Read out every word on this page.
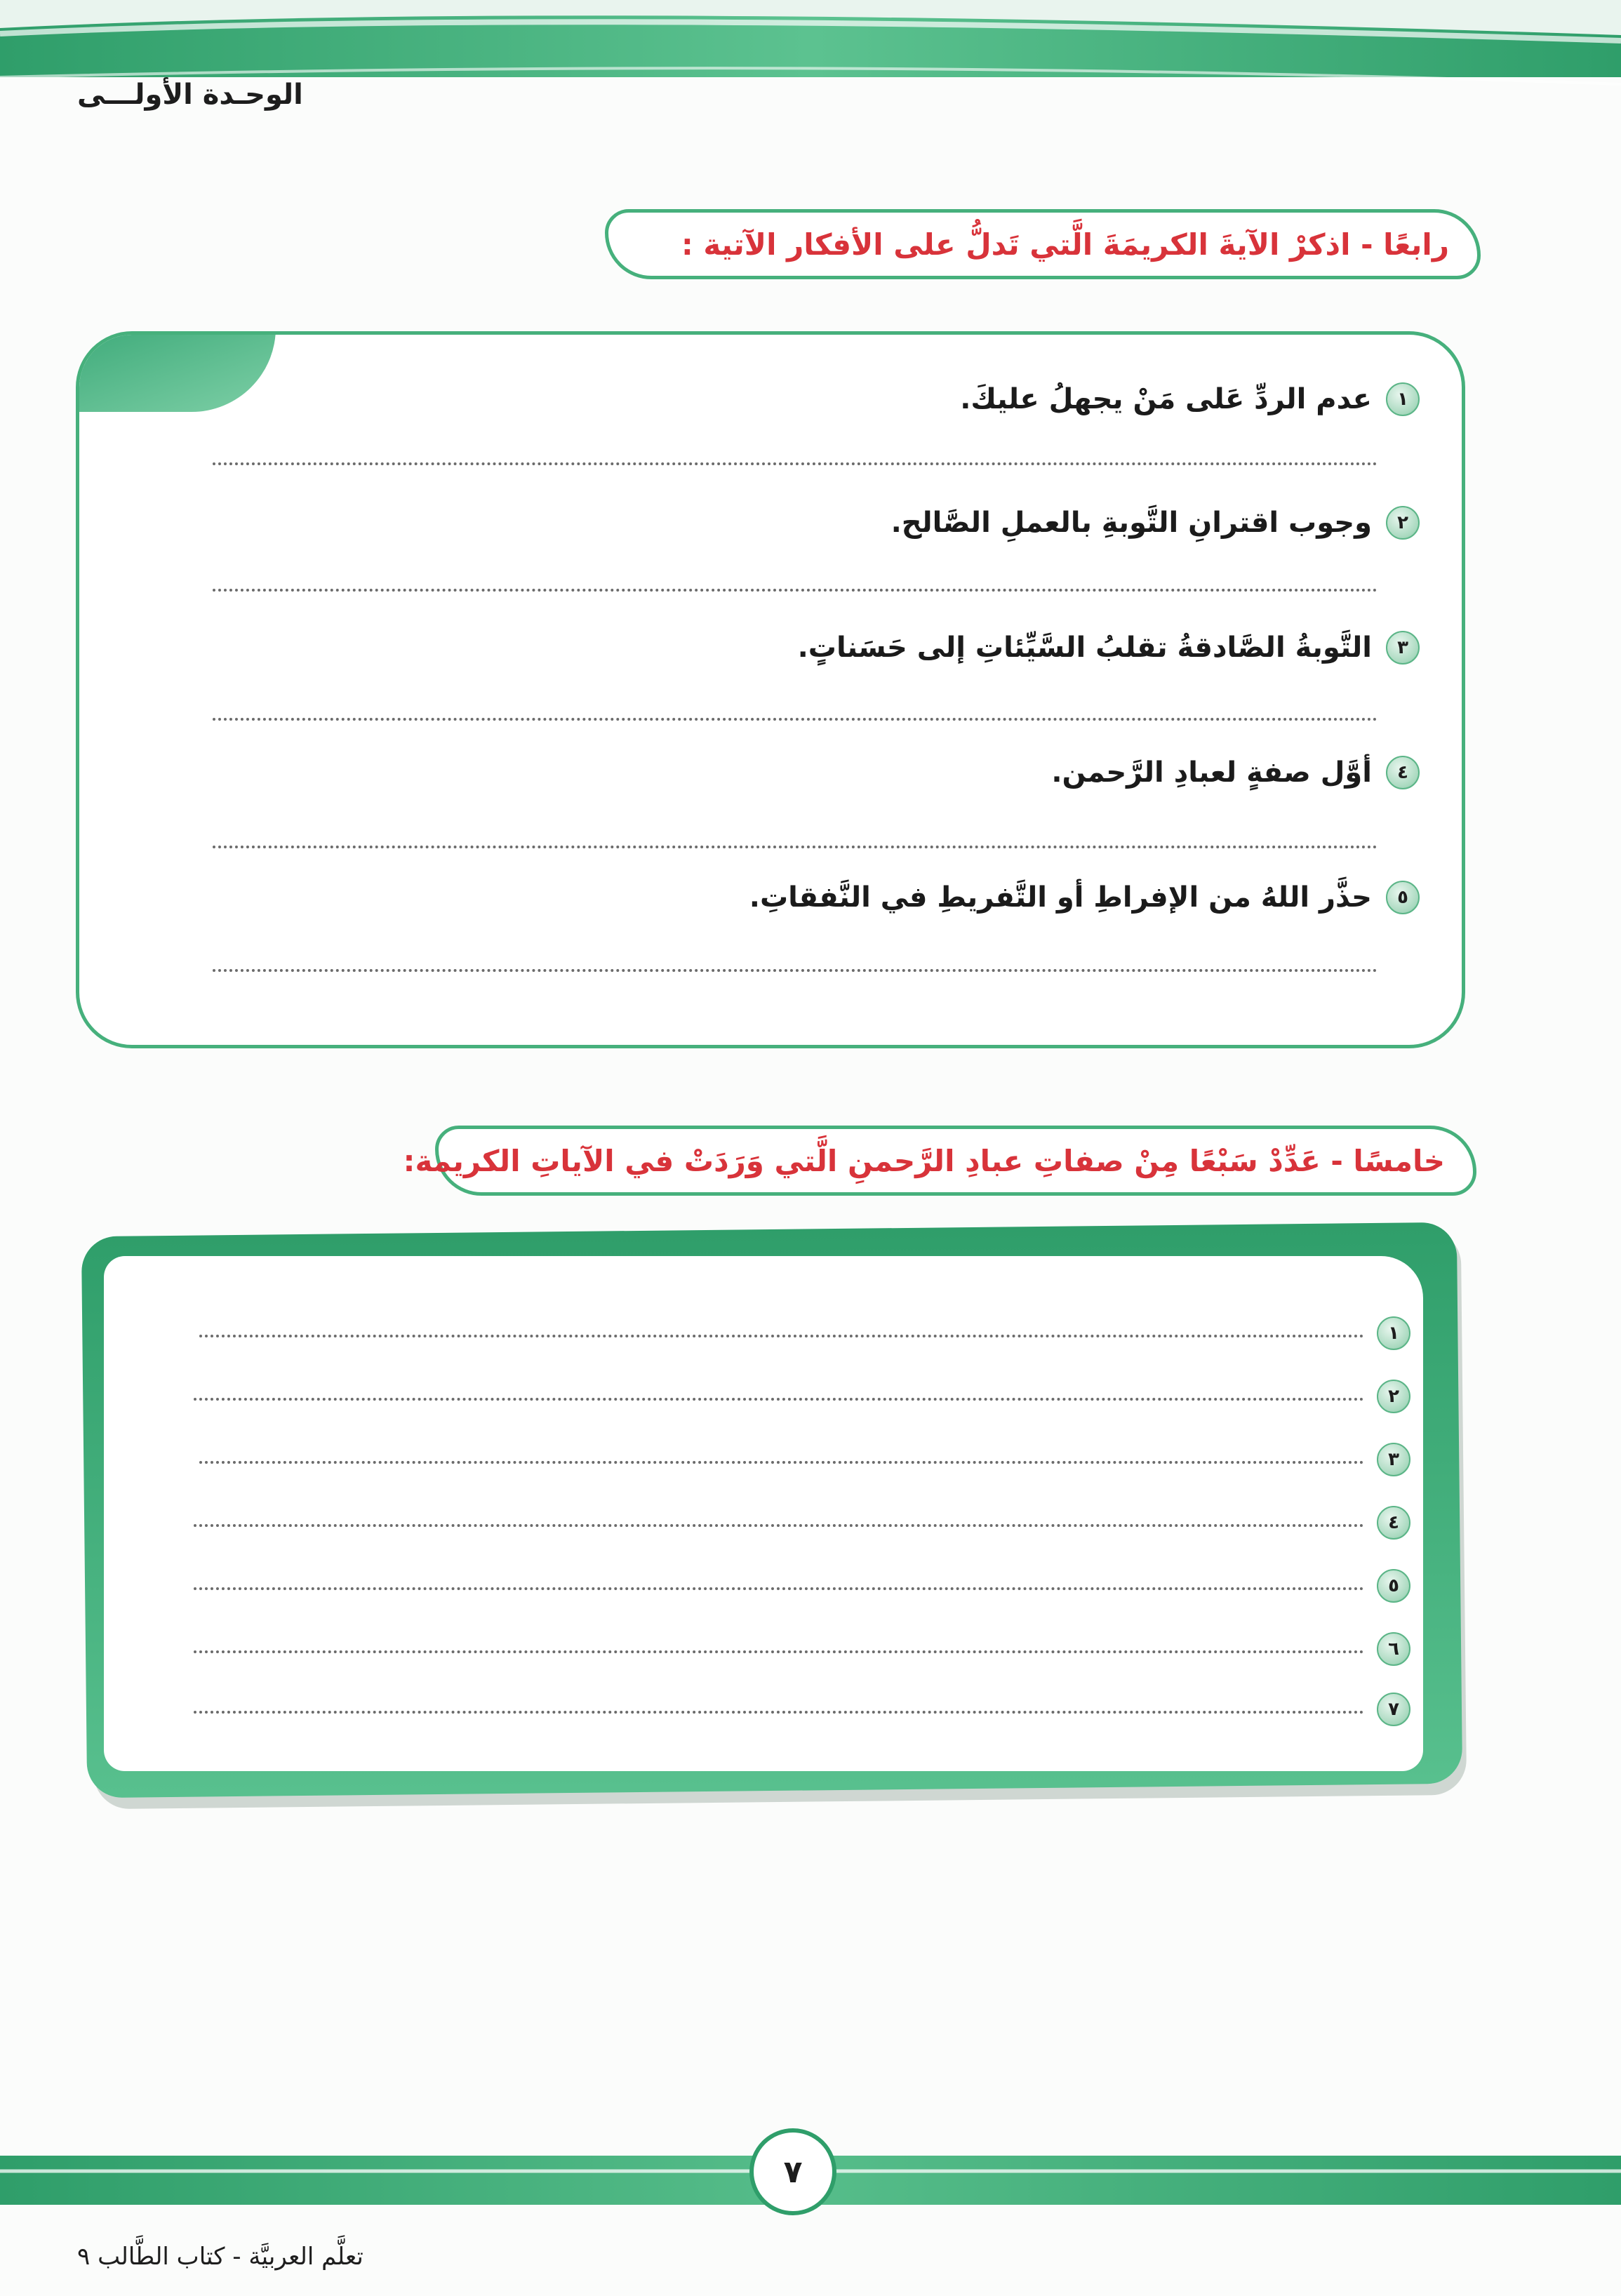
الوحـدة الأولـــى
رابعًا - اذكرْ الآيةَ الكريمَةَ الَّتي تَدلُّ على الأفكار الآتية :
١
عدم الردِّ عَلى مَنْ يجهلُ عليكَ.
٢
وجوب اقترانِ التَّوبةِ بالعملِ الصَّالح.
٣
التَّوبةُ الصَّادقةُ تقلبُ السَّيِّئاتِ إلى حَسَناتٍ.
٤
أوَّل صفةٍ لعبادِ الرَّحمن.
٥
حذَّر اللهُ من الإفراطِ أو التَّفريطِ في النَّفقاتِ.
خامسًا - عَدِّدْ سَبْعًا مِنْ صفاتِ عبادِ الرَّحمنِ الَّتي وَرَدَتْ في الآياتِ الكريمة:
١
٢
٣
٤
٥
٦
٧
٧
تعلَّم العربيَّة - كتاب الطَّالب ٩
